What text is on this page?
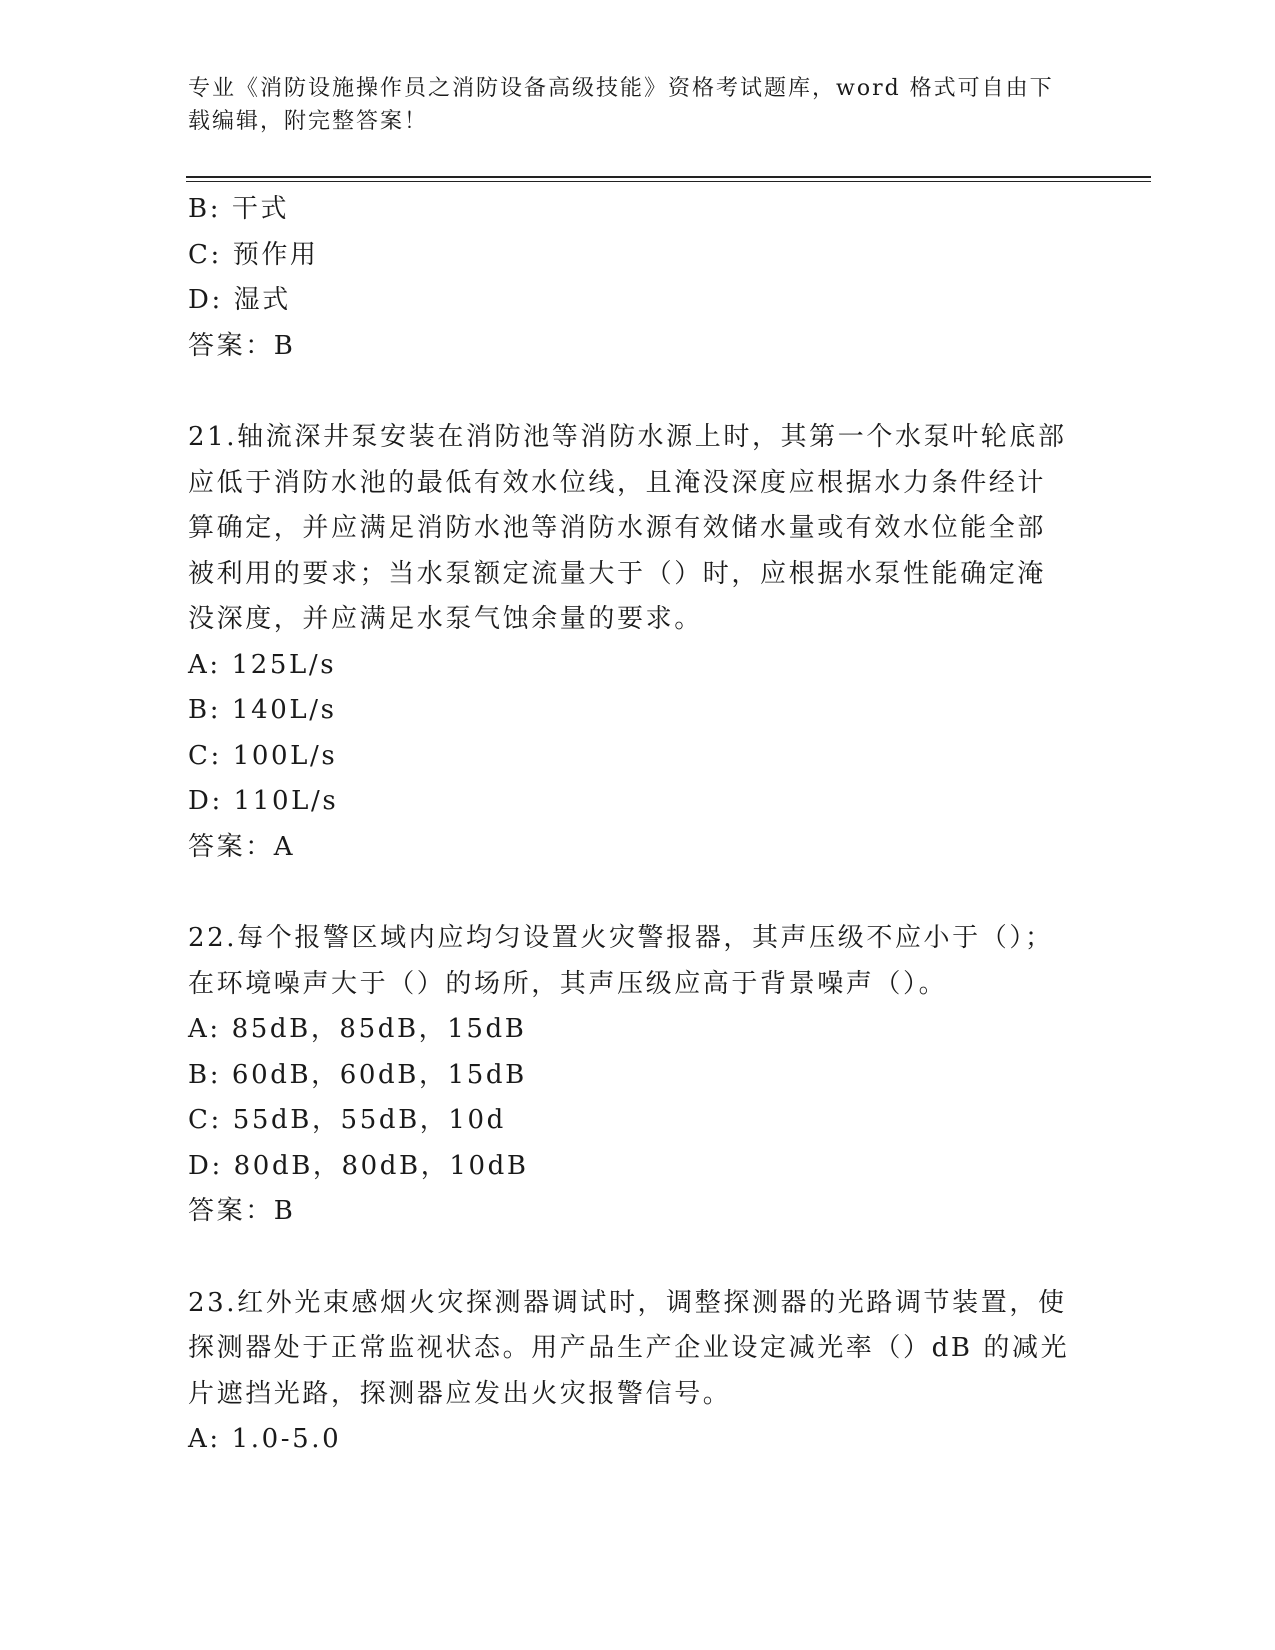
专业《消防设施操作员之消防设备高级技能》资格考试题库，word 格式可自由下
载编辑，附完整答案！
B: 干式
C: 预作用
D: 湿式
答案：B
21.轴流深井泵安装在消防池等消防水源上时，其第一个水泵叶轮底部
应低于消防水池的最低有效水位线，且淹没深度应根据水力条件经计
算确定，并应满足消防水池等消防水源有效储水量或有效水位能全部
被利用的要求；当水泵额定流量大于（）时，应根据水泵性能确定淹
没深度，并应满足水泵气蚀余量的要求。
A: 125L/s
B: 140L/s
C: 100L/s
D: 110L/s
答案：A
22.每个报警区域内应均匀设置火灾警报器，其声压级不应小于（）；
在环境噪声大于（）的场所，其声压级应高于背景噪声（）。
A: 85dB，85dB，15dB
B: 60dB，60dB，15dB
C: 55dB，55dB，10d
D: 80dB，80dB，10dB
答案：B
23.红外光束感烟火灾探测器调试时，调整探测器的光路调节装置，使
探测器处于正常监视状态。用产品生产企业设定减光率（）dB 的减光
片遮挡光路，探测器应发出火灾报警信号。
A: 1.0-5.0
